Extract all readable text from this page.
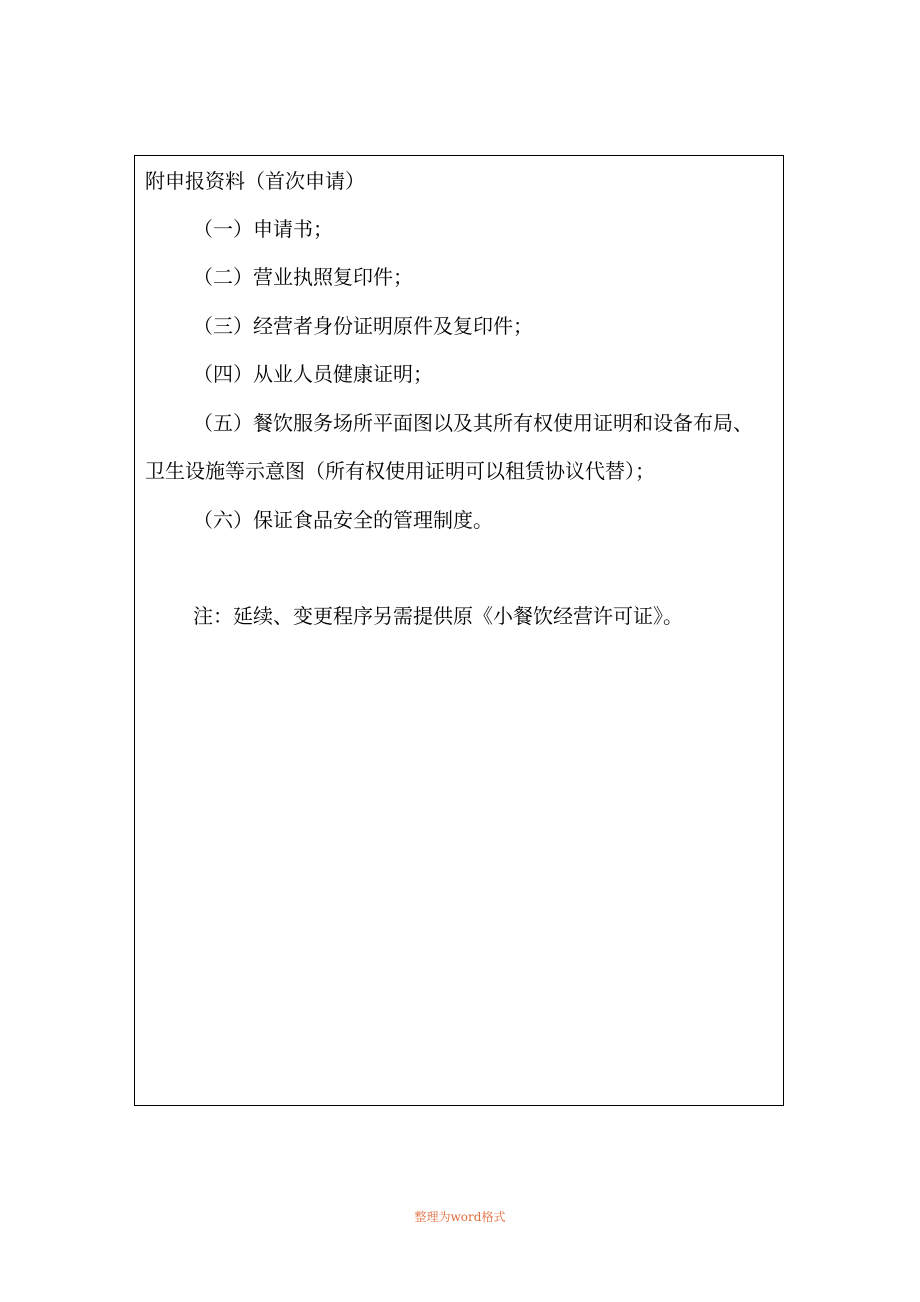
附申报资料（首次申请）
（一）申请书；
（二）营业执照复印件；
（三）经营者身份证明原件及复印件；
（四）从业人员健康证明；
（五）餐饮服务场所平面图以及其所有权使用证明和设备布局、
卫生设施等示意图（所有权使用证明可以租赁协议代替）；
（六）保证食品安全的管理制度。
注：延续、变更程序另需提供原《小餐饮经营许可证》。
整理为word格式
